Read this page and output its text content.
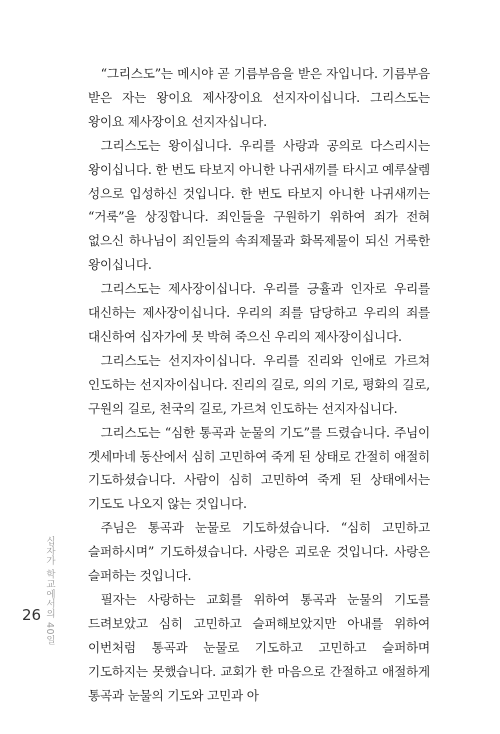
십자가 학교에서의 40일
26

“그리스도”는 메시야 곧 기름부음을 받은 자입니다. 기름부음 받은 자는 왕이요 제사장이요 선지자이십니다. 그리스도는 왕이요 제사장이요 선지자십니다.

그리스도는 왕이십니다. 우리를 사랑과 공의로 다스리시는 왕이십니다. 한 번도 타보지 아니한 나귀새끼를 타시고 예루살렘 성으로 입성하신 것입니다. 한 번도 타보지 아니한 나귀새끼는 “거룩”을 상징합니다. 죄인들을 구원하기 위하여 죄가 전혀 없으신 하나님이 죄인들의 속죄제물과 화목제물이 되신 거룩한 왕이십니다.

그리스도는 제사장이십니다. 우리를 긍휼과 인자로 우리를 대신하는 제사장이십니다. 우리의 죄를 담당하고 우리의 죄를 대신하여 십자가에 못 박혀 죽으신 우리의 제사장이십니다.

그리스도는 선지자이십니다. 우리를 진리와 인애로 가르쳐 인도하는 선지자이십니다. 진리의 길로, 의의 기로, 평화의 길로, 구원의 길로, 천국의 길로, 가르쳐 인도하는 선지자십니다.

그리스도는 “심한 통곡과 눈물의 기도”를 드렸습니다. 주님이 겟세마네 동산에서 심히 고민하여 죽게 된 상태로 간절히 애절히 기도하셨습니다. 사람이 심히 고민하여 죽게 된 상태에서는 기도도 나오지 않는 것입니다.

주님은 통곡과 눈물로 기도하셨습니다. “심히 고민하고 슬퍼하시며” 기도하셨습니다. 사랑은 괴로운 것입니다. 사랑은 슬퍼하는 것입니다.

필자는 사랑하는 교회를 위하여 통곡과 눈물의 기도를 드려보았고 심히 고민하고 슬퍼해보았지만 아내를 위하여 이번처럼 통곡과 눈물로 기도하고 고민하고 슬퍼하며 기도하지는 못했습니다. 교회가 한 마음으로 간절하고 애절하게 통곡과 눈물의 기도와 고민과 아
